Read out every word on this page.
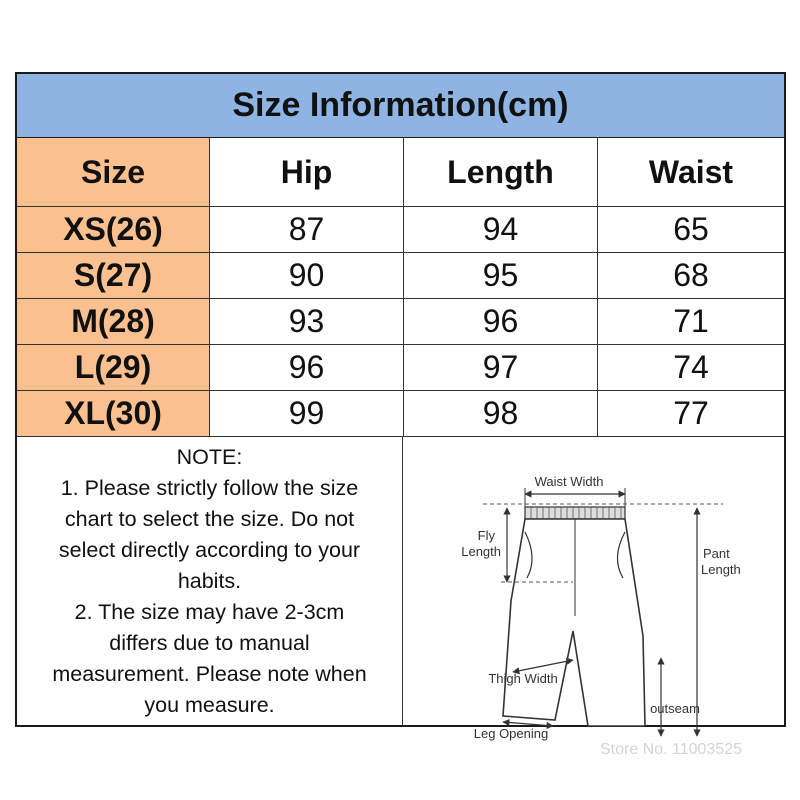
Size Information(cm)
Size	Hip	Length	Waist
XS(26)	87	94	65
S(27)	90	95	68
M(28)	93	96	71
L(29)	96	97	74
XL(30)	99	98	77
NOTE:
1. Please strictly follow the size
chart to select the size. Do not
select directly according to your
habits.
2. The size may have 2-3cm
differs due to manual
measurement. Please note when
you measure.
Waist Width
Fly
Length	Pant
Length
Thigh Width
outseam
Leg Opening
Store No. 11003525
